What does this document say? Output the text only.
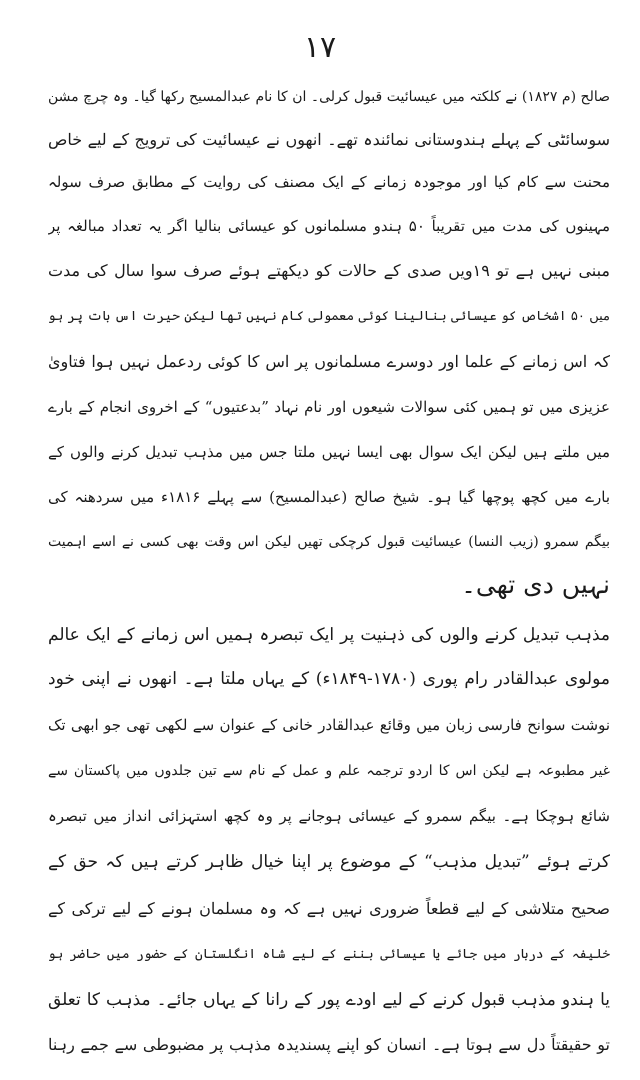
١٧
صالح (م ۱۸۲۷) نے کلکتہ میں عیسائیت قبول کرلی۔ ان کا نام عبدالمسیح رکھا گیا۔ وہ چرچ مشن
سوسائٹی کے پہلے ہندوستانی نمائندہ تھے۔ انھوں نے عیسائیت کی ترویج کے لیے خاص
محنت سے کام کیا اور موجودہ زمانے کے ایک مصنف کی روایت کے مطابق صرف سولہ
مہینوں کی مدت میں تقریباً ۵۰ ہندو مسلمانوں کو عیسائی بنالیا اگر یہ تعداد مبالغہ پر
مبنی نہیں ہے تو ۱۹ویں صدی کے حالات کو دیکھتے ہوئے صرف سوا سال کی مدت
میں ۵۰ اشخاص کو عیسائی بنالینا کوئی معمولی کام نہیں تھا لیکن حیرت اس بات پر ہو
کہ اس زمانے کے علما اور دوسرے مسلمانوں پر اس کا کوئی ردعمل نہیں ہوا فتاویٰ
عزیزی میں تو ہمیں کئی سوالات شیعوں اور نام نہاد ”بدعتیوں“ کے اخروی انجام کے بارے
میں ملتے ہیں لیکن ایک سوال بھی ایسا نہیں ملتا جس میں مذہب تبدیل کرنے والوں کے
بارے میں کچھ پوچھا گیا ہو۔ شیخ صالح (عبدالمسیح) سے پہلے ۱۸۱۶ء میں سردھنہ کی
بیگم سمرو (زیب النسا) عیسائیت قبول کرچکی تھیں لیکن اس وقت بھی کسی نے اسے اہمیت
نہیں دی تھی۔
مذہب تبدیل کرنے والوں کی ذہنیت پر ایک تبصرہ ہمیں اس زمانے کے ایک عالم
مولوی عبدالقادر رام پوری (۱۷۸۰-۱۸۴۹ء) کے یہاں ملتا ہے۔ انھوں نے اپنی خود
نوشت سوانح فارسی زبان میں وقائع عبدالقادر خانی کے عنوان سے لکھی تھی جو ابھی تک
غیر مطبوعہ ہے لیکن اس کا اردو ترجمہ علم و عمل کے نام سے تین جلدوں میں پاکستان سے
شائع ہوچکا ہے۔ بیگم سمرو کے عیسائی ہوجانے پر وہ کچھ استہزائی انداز میں تبصرہ
کرتے ہوئے ”تبدیل مذہب“ کے موضوع پر اپنا خیال ظاہر کرتے ہیں کہ حق کے
صحیح متلاشی کے لیے قطعاً ضروری نہیں ہے کہ وہ مسلمان ہونے کے لیے ترکی کے
خلیفہ کے دربار میں جائے یا عیسائی بننے کے لیے شاہ انگلستان کے حضور میں حاضر ہو
یا ہندو مذہب قبول کرنے کے لیے اودے پور کے رانا کے یہاں جائے۔ مذہب کا تعلق
تو حقیقتاً دل سے ہوتا ہے۔ انسان کو اپنے پسندیدہ مذہب پر مضبوطی سے جمے رہنا
